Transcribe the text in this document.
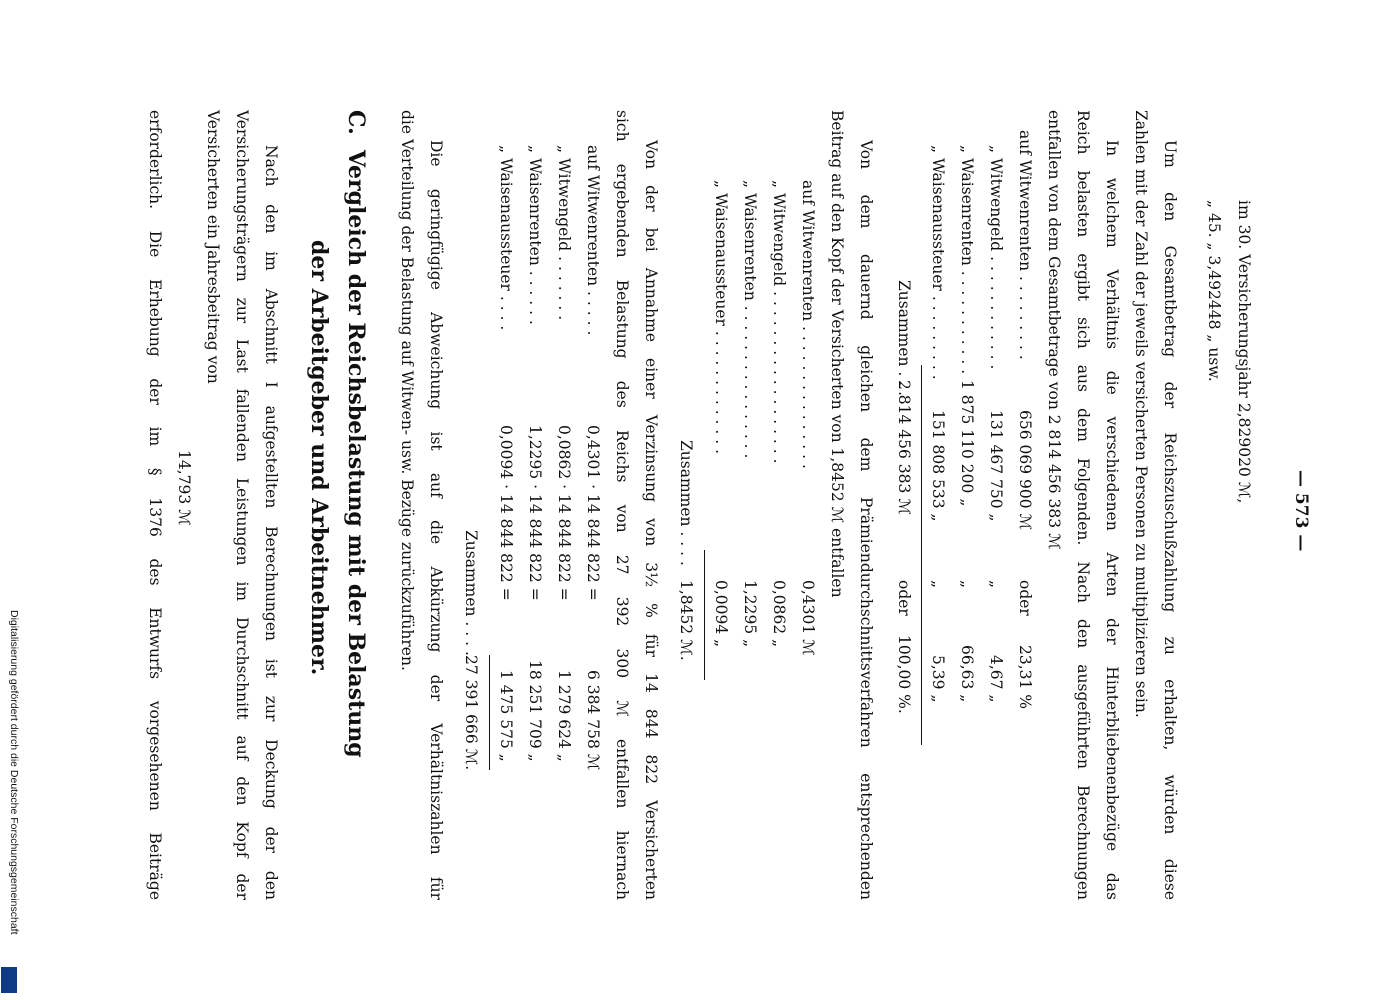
— 573 —
im 30. Versicherungsjahr 2,829020 ℳ,
„ 45. „ 3,492448 „ usw.
Um den Gesamtbetrag der Reichszuschußzahlung zu erhalten, würden diese
Zahlen mit der Zahl der jeweils versicherten Personen zu multiplizieren sein.
In welchem Verhältnis die verschiedenen Arten der Hinterbliebenenbezüge das
Reich belasten ergibt sich aus dem Folgenden. Nach den ausgeführten Berechnungen
entfallen von dem Gesamtbetrage von 2 814 456 383 ℳ
auf Witwenrenten . . . . . . . . .
656 069 900 ℳ
oder
23,31 %
„ Witwengeld . . . . . . . . . . . .
131 467 750 „
„
4,67 „
„ Waisenrenten . . . . . . . . . . .
1 875 110 200 „
„
66,63 „
„ Waisenaussteuer . . . . . . . . .
151 808 533 „
„
5,39 „
Zusammen . . .
2 814 456 383 ℳ
oder
100,00 %.
Von dem dauernd gleichen dem Prämiendurchschnittsverfahren entsprechenden
Beitrag auf den Kopf der Versicherten von 1,8452 ℳ entfallen
auf Witwenrenten . . . . . . . . . . . . . . .
0,4301 ℳ
„ Witwengeld . . . . . . . . . . . . . . . . . .
0,0862 „
„ Waisenrenten . . . . . . . . . . . . . . . .
1,2295 „
„ Waisenaussteuer . . . . . . . . . . . . .
0,0094 „
Zusammen . . . .
1,8452 ℳ.
Von der bei Annahme einer Verzinsung von 3½ % für 14 844 822 Versicherten
sich ergebenden Belastung des Reichs von 27 392 300 ℳ entfallen hiernach
auf Witwenrenten . . . . .
0,4301 · 14 844 822 =
6 384 758 ℳ
„ Witwengeld . . . . . . .
0,0862 · 14 844 822 =
1 279 624 „
„ Waisenrenten . . . . . .
1,2295 · 14 844 822 =
18 251 709 „
„ Waisenaussteuer . . . .
0,0094 · 14 844 822 =
1 475 575 „
Zusammen . . . .
27 391 666 ℳ.
Die geringfügige Abweichung ist auf die Abkürzung der Verhältniszahlen für
die Verteilung der Belastung auf Witwen- usw. Bezüge zurückzuführen.
C.
Vergleich der Reichsbelastung mit der Belastung
der Arbeitgeber und Arbeitnehmer.
Nach den im Abschnitt I aufgestellten Berechnungen ist zur Deckung der den
Versicherungsträgern zur Last fallenden Leistungen im Durchschnitt auf den Kopf der
Versicherten ein Jahresbeitrag von
14,793 ℳ
erforderlich. Die Erhebung der im § 1376 des Entwurfs vorgesehenen Beiträge
Digitalisierung gefördert durch die Deutsche Forschungsgemeinschaft
